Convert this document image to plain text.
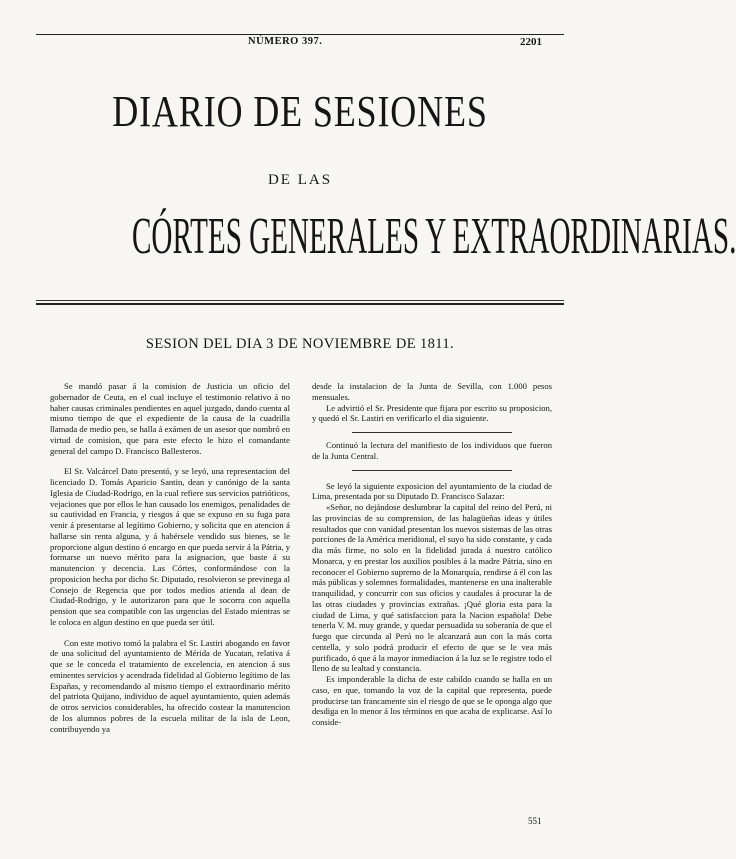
NÚMERO 397.	2201
DIARIO DE SESIONES
DE LAS
CÓRTES GENERALES Y EXTRAORDINARIAS.
SESION DEL DIA 3 DE NOVIEMBRE DE 1811.

Se mandó pasar á la comision de Justicia un oficio del gobernador de Ceuta, en el cual incluye el testimonio relativo á no haber causas criminales pendientes en aquel juzgado, dando cuenta al mismo tiempo de que el expediente de la causa de la cuadrilla llamada de medio peo, se halla á exámen de un asesor que nombró en virtud de comision, que para este efecto le hizo el comandante general del campo D. Francisco Ballesteros.

El Sr. Valcárcel Dato presentó, y se leyó, una representacion del licenciado D. Tomás Aparicio Santin, dean y canónigo de la santa Iglesia de Ciudad-Rodrigo, en la cual refiere sus servicios patrióticos, vejaciones que por ellos le han causado los enemigos, penalidades de su cautividad en Francia, y riesgos á que se expuso en su fuga para venir á presentarse al legítimo Gobierno, y solicita que en atencion á hallarse sin renta alguna, y á habérsele vendido sus bienes, se le proporcione algun destino ó encargo en que pueda servir á la Pátria, y formarse un nuevo mérito para la asignacion, que baste á su manutencion y decencia. Las Córtes, conformándose con la proposicion hecha por dicho Sr. Diputado, resolvieron se previnega al Consejo de Regencia que por todos medios atienda al dean de Ciudad-Rodrigo, y le autorizaron para que le socorra con aquella pension que sea compatible con las urgencias del Estado mientras se le coloca en algun destino en que pueda ser útil.

Con este motivo tomó la palabra el Sr. Lastiri abogando en favor de una solicitud del ayuntamiento de Mérida de Yucatan, relativa á que se le conceda el tratamiento de excelencia, en atencion á sus eminentes servicios y acendrada fidelidad al Gobierno legítimo de las Españas, y recomendando al mismo tiempo el extraordinario mérito del patriota Quijano, individuo de aquel ayuntamiento, quien además de otros servicios considerables, ha ofrecido costear la manutencion de los alumnos pobres de la escuela militar de la isla de Leon, contribuyendo ya

desde la instalacion de la Junta de Sevilla, con 1.000 pesos mensuales.

Le advirtió el Sr. Presidente que fijara por escrito su proposicion, y quedó el Sr. Lastiri en verificarlo el dia siguiente.

Continuó la lectura del manifiesto de los individuos que fueron de la Junta Central.

Se leyó la siguiente exposicion del ayuntamiento de la ciudad de Lima, presentada por su Diputado D. Francisco Salazar:

«Señor, no dejándose deslumbrar la capital del reino del Perú, ni las provincias de su comprension, de las halagüeñas ideas y útiles resultados que con vanidad presentan los nuevos sistemas de las otras porciones de la América meridional, el suyo ha sido constante, y cada dia más firme, no solo en la fidelidad jurada á nuestro católico Monarca, y en prestar los auxilios posibles á la madre Pátria, sino en reconocer el Gobierno supremo de la Monarquía, rendirse á él con las más públicas y solemnes formalidades, mantenerse en una inalterable tranquilidad, y concurrir con sus oficios y caudales á procurar la de las otras ciudades y provincias extrañas. ¡Qué gloria esta para la ciudad de Lima, y qué satisfaccion para la Nacion española! Debe tenerla V. M. muy grande, y quedar persuadida su soberanía de que el fuego que circunda al Perú no le alcanzará aun con la más corta centella, y solo podrá producir el efecto de que se le vea más purificado, ó que á la mayor inmediacion á la luz se le registre todo el lleno de su lealtad y constancia.

Es imponderable la dicha de este cabildo cuando se halla en un caso, en que, tomando la voz de la capital que representa, puede producirse tan francamente sin el riesgo de que se le oponga algo que desdiga en lo menor á los términos en que acaba de explicarse. Así lo conside-

551
